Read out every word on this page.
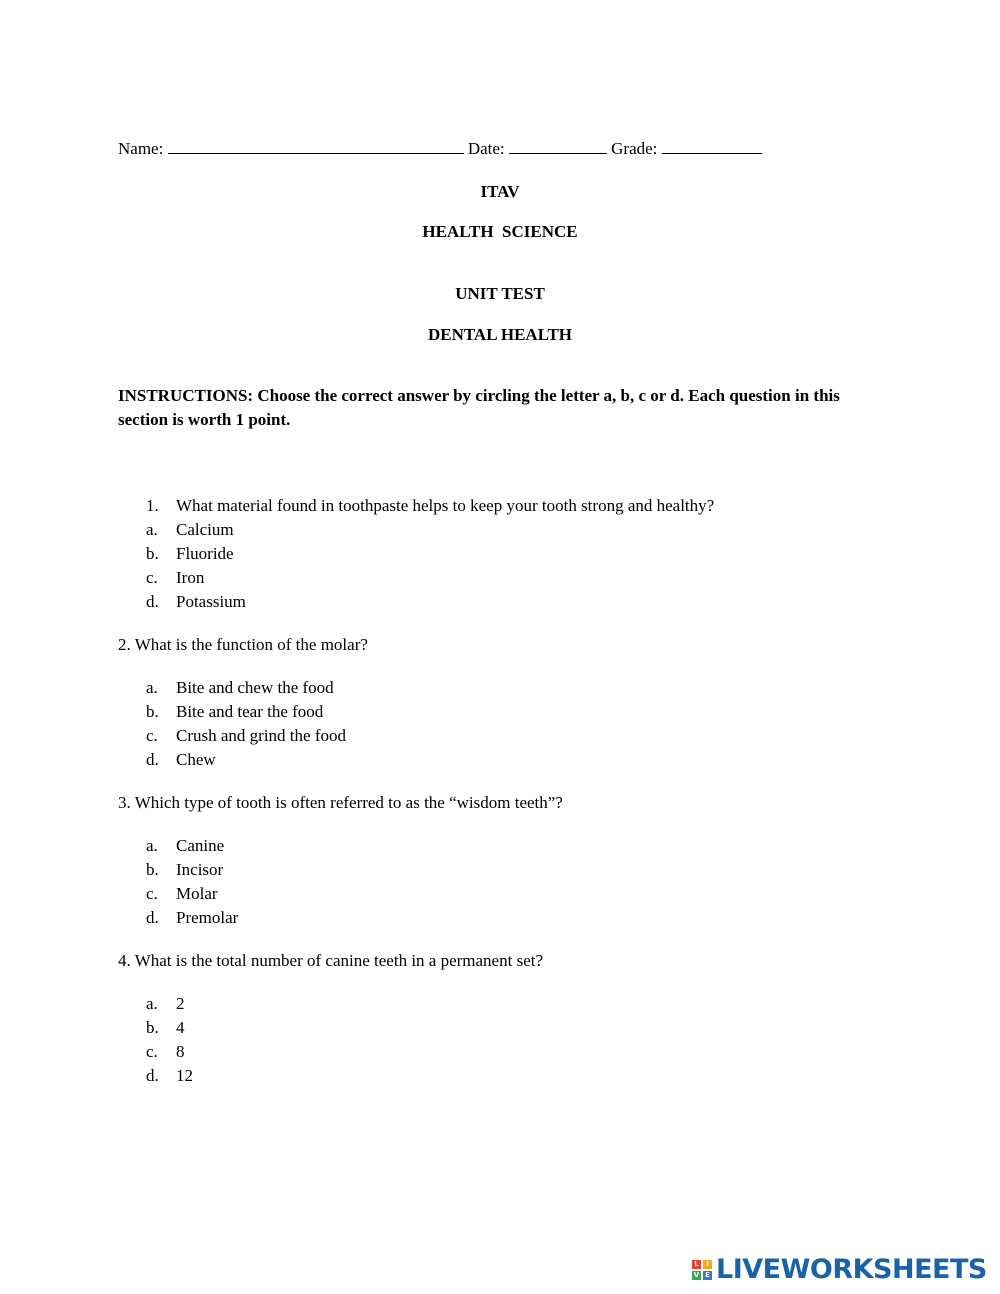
Name:	Date:	Grade:
ITAV
HEALTH  SCIENCE
UNIT TEST
DENTAL HEALTH
INSTRUCTIONS: Choose the correct answer by circling the letter a, b, c or d. Each question in this section is worth 1 point.
1. What material found in toothpaste helps to keep your tooth strong and healthy?
a. Calcium
b. Fluoride
c. Iron
d. Potassium
2. What is the function of the molar?
a. Bite and chew the food
b. Bite and tear the food
c. Crush and grind the food
d. Chew
3. Which type of tooth is often referred to as the “wisdom teeth”?
a. Canine
b. Incisor
c. Molar
d. Premolar
4. What is the total number of canine teeth in a permanent set?
a. 2
b. 4
c. 8
d. 12
L	I
V E LIVEWORKSHEETS
